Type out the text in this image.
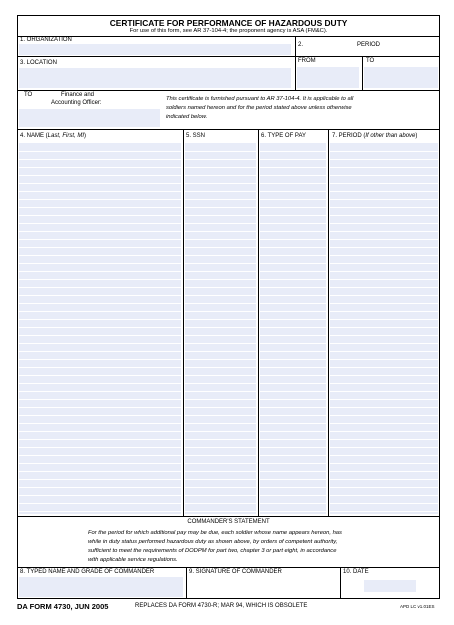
CERTIFICATE FOR PERFORMANCE OF HAZARDOUS DUTY
For use of this form, see AR 37-104-4; the proponent agency is ASA (FM&C).
1. ORGANIZATION
2.	PERIOD
3. LOCATION	FROM	TO
TO	Finance and
Accounting Officer:
This certificate is furnished pursuant to AR 37-104-4. It is applicable to all
soldiers named hereon and for the period stated above unless otherwise
indicated below.
4. NAME (Last, First, MI)	5. SSN	6. TYPE OF PAY	7. PERIOD (If other than above)
COMMANDER'S STATEMENT
For the period for which additional pay may be due, each soldier whose name appears hereon, has
while in duty status performed hazardous duty as shown above, by orders of competent authority,
sufficient to meet the requirements of DODPM for part two, chapter 3 or part eight, in accordance
with applicable service regulations.
8. TYPED NAME AND GRADE OF COMMANDER	9. SIGNATURE OF COMMANDER	10. DATE
DA FORM 4730, JUN 2005	REPLACES DA FORM 4730-R; MAR 94, WHICH IS OBSOLETE	APD LC v1.01ES
